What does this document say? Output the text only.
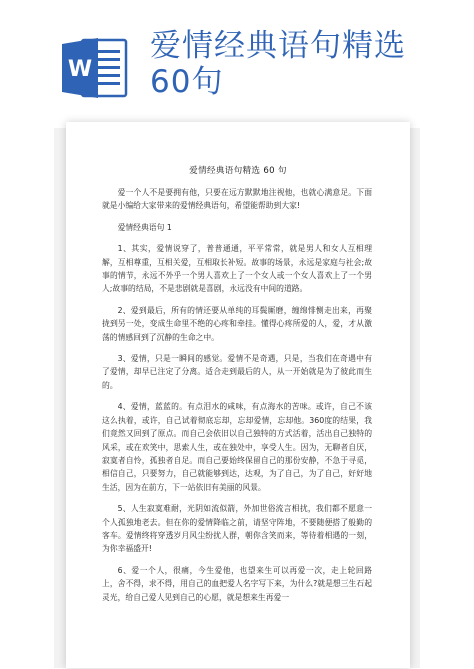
W
爱情经典语句精选
60句
爱情经典语句精选 60 句

爱一个人不是要拥有他，只要在远方默默地注视他，也就心满意足。下面就是小编给大家带来的爱情经典语句，希望能帮助到大家!

爱情经典语句 1

1、其实，爱情说穿了，普普通通，平平常常，就是男人和女人互相理解，互相尊重，互相关爱，互相取长补短。故事的场景，永远是家庭与社会;故事的情节，永远不外乎一个男人喜欢上了一个女人或一个女人喜欢上了一个男人;故事的结局，不是悲剧就是喜剧，永远没有中间的道路。

2、爱到最后，所有的情还要从单纯的耳鬓厮磨，缠绵悱恻走出来，再聚拢到另一处，变成生命里不绝的心疼和牵挂。懂得心疼所爱的人，爱，才从激荡的情感回到了沉静的生命之中。

3、爱情，只是一瞬间的感觉。爱情不是奇遇，只是，当我们在奇遇中有了爱情，却早已注定了分离。适合走到最后的人，从一开始就是为了彼此而生的。

4、爱情，蓝蓝的。有点泪水的咸味，有点海水的苦味。或许，自己不该这么执着，或许，自己试着彻底忘却，忘却爱情，忘却他。360度的结果，我们竟然又回到了原点。而自己会依旧以自己独特的方式活着，活出自己独特的风采，或在欢笑中，思索人生，或在独处中，享受人生。因为，无聊者自厌，寂寞者自怜，孤独者自足。而自己要始终保留自己的那份安静，不急于寻觅，相信自己，只要努力，自己就能够到达，达观，为了自己，为了自己，好好地生活，因为在前方，下一站依旧有美丽的风景。

5、人生寂寞难耐，光阴如流似箭，外加世俗流言相扰，我们都不愿意一个人孤独地老去。但在你的爱情降临之前，请坚守阵地，不要随便搭了般勤的客车。爱情终将穿透岁月风尘纷扰人群，朝你含笑而来，等待着相遇的一刻，为你幸福盛开!

6、爱一个人，很痛，今生爱他，也望来生可以再爱一次，走上轮回路上，舍不得，求不得，用自己的血把爱人名字写下来，为什么?就是想三生石起灵光，给自己爱人见到自己的心愿，就是想来生再爱一
